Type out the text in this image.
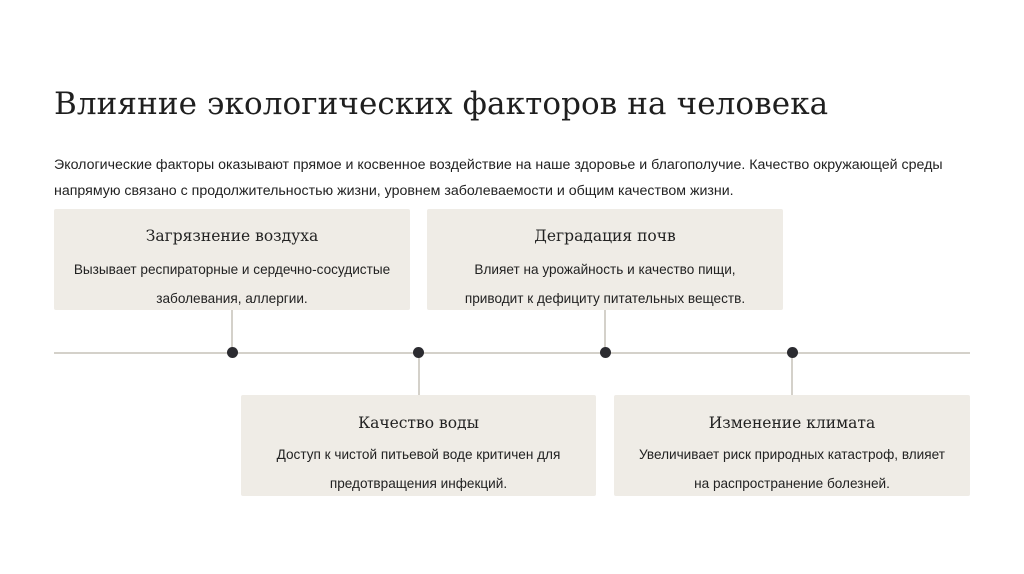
Влияние экологических факторов на человека

Экологические факторы оказывают прямое и косвенное воздействие на наше здоровье и благополучие. Качество окружающей среды напрямую связано с продолжительностью жизни, уровнем заболеваемости и общим качеством жизни.

Загрязнение воздуха
Вызывает респираторные и сердечно-сосудистые заболевания, аллергии.
Качество воды
Доступ к чистой питьевой воде критичен для предотвращения инфекций.
Деградация почв
Влияет на урожайность и качество пищи, приводит к дефициту питательных веществ.
Изменение климата
Увеличивает риск природных катастроф, влияет на распространение болезней.
